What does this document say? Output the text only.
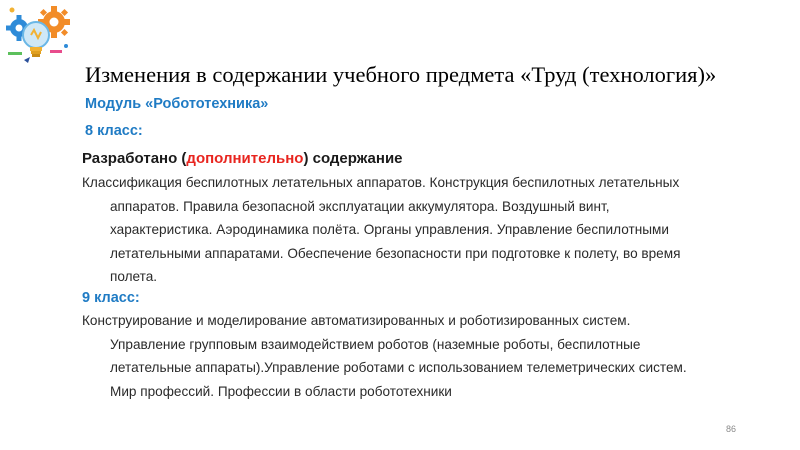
Изменения в содержании учебного предмета «Труд (технология)»
Модуль «Робототехника»
8 класс:
Разработано (дополнительно) содержание
Классификация беспилотных летательных аппаратов. Конструкция беспилотных летательных
аппаратов. Правила безопасной эксплуатации аккумулятора. Воздушный винт,
характеристика. Аэродинамика полёта. Органы управления. Управление беспилотными
летательными аппаратами. Обеспечение безопасности при подготовке к полету, во время
полета.
9 класс:
Конструирование и моделирование автоматизированных и роботизированных систем.
Управление групповым взаимодействием роботов (наземные роботы, беспилотные
летательные аппараты).Управление роботами с использованием телеметрических систем.
Мир профессий. Профессии в области робототехники
86
